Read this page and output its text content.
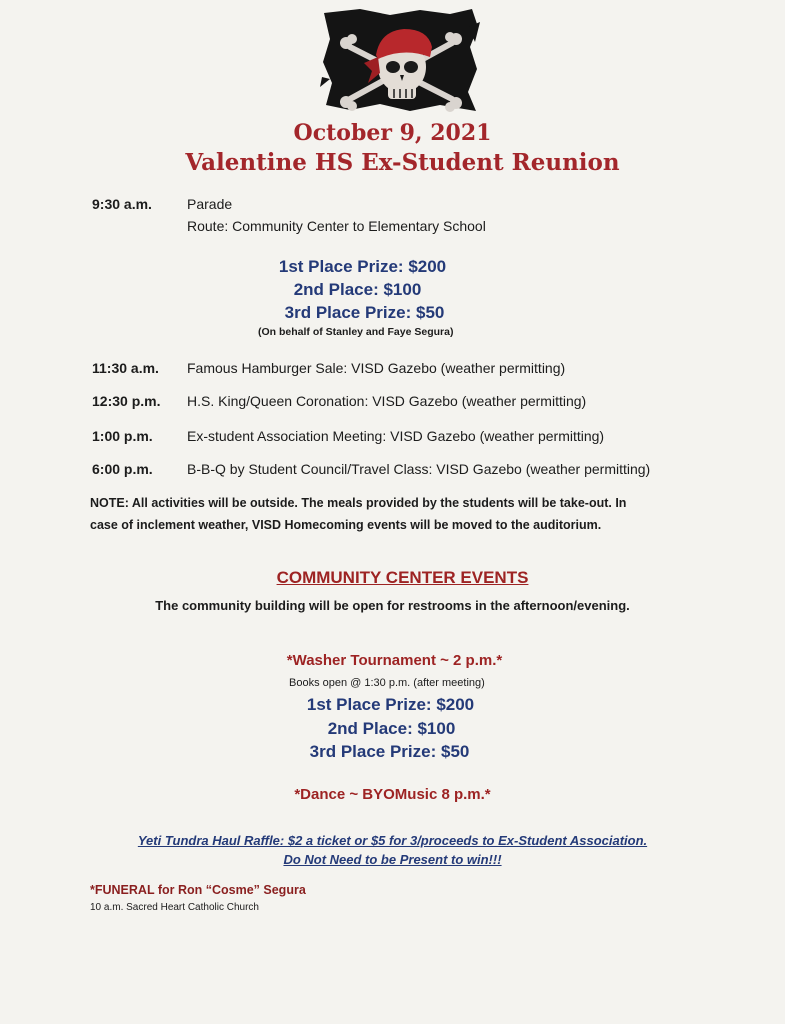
October 9, 2021
Valentine HS Ex-Student Reunion
9:30 a.m.	Parade
Route: Community Center to Elementary School
1st Place Prize: $200
2nd Place: $100
3rd Place Prize: $50
(On behalf of Stanley and Faye Segura)
11:30 a.m.	Famous Hamburger Sale: VISD Gazebo (weather permitting)
12:30 p.m.	H.S. King/Queen Coronation: VISD Gazebo (weather permitting)
1:00 p.m.	Ex-student Association Meeting: VISD Gazebo (weather permitting)
6:00 p.m.	B-B-Q by Student Council/Travel Class: VISD Gazebo (weather permitting)
NOTE: All activities will be outside. The meals provided by the students will be take-out. In case of inclement weather, VISD Homecoming events will be moved to the auditorium.
COMMUNITY CENTER EVENTS
The community building will be open for restrooms in the afternoon/evening.
*Washer Tournament ~ 2 p.m.*
Books open @ 1:30 p.m. (after meeting)
1st Place Prize: $200
2nd Place: $100
3rd Place Prize: $50
*Dance ~ BYOMusic 8 p.m.*
Yeti Tundra Haul Raffle: $2 a ticket or $5 for 3/proceeds to Ex-Student Association.
Do Not Need to be Present to win!!!
*FUNERAL for Ron “Cosme” Segura
10 a.m. Sacred Heart Catholic Church
